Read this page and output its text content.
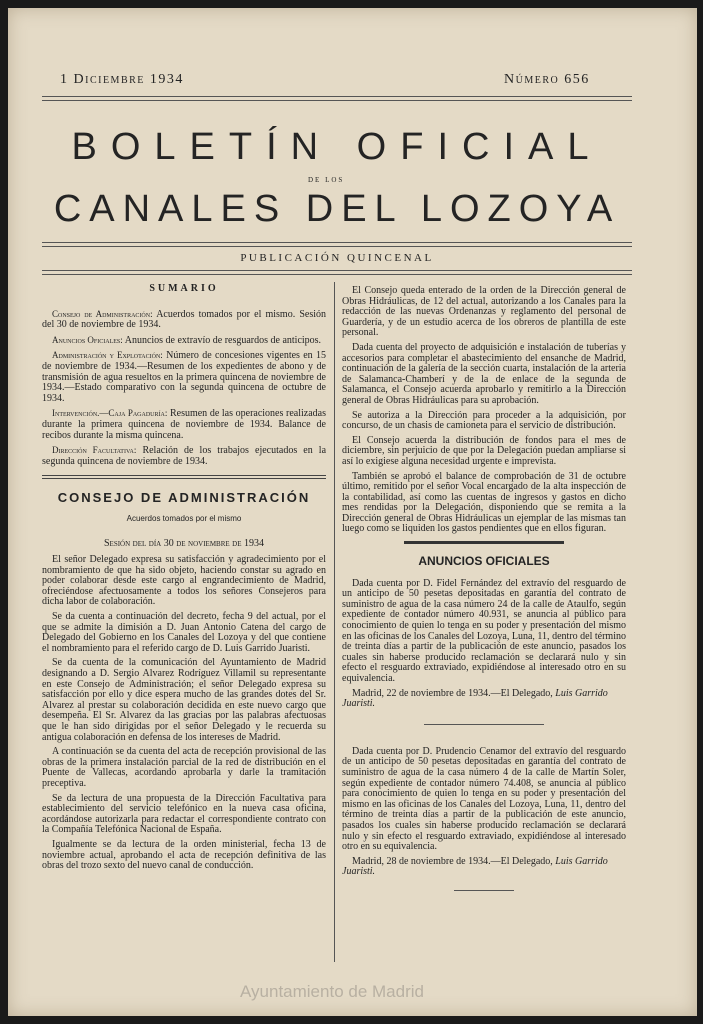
1 Diciembre 1934	Número 656
BOLETÍN OFICIAL
DE LOS
CANALES DEL LOZOYA
PUBLICACIÓN QUINCENAL
SUMARIO

Consejo de Administración: Acuerdos tomados por el mismo. Sesión del 30 de noviembre de 1934.

Anuncios Oficiales: Anuncios de extravío de resguardos de anticipos.

Administración y Explotación: Número de concesiones vigentes en 15 de noviembre de 1934.—Resumen de los expedientes de abono y de transmisión de agua resueltos en la primera quincena de noviembre de 1934.—Estado comparativo con la segunda quincena de octubre de 1934.

Intervención.—Caja Pagaduría: Resumen de las operaciones realizadas durante la primera quincena de noviembre de 1934. Balance de recibos durante la misma quincena.

Dirección Facultativa: Relación de los trabajos ejecutados en la segunda quincena de noviembre de 1934.

CONSEJO DE ADMINISTRACIÓN
Acuerdos tomados por el mismo
Sesión del día 30 de noviembre de 1934

El señor Delegado expresa su satisfacción y agradecimiento por el nombramiento de que ha sido objeto, haciendo constar su agrado en poder colaborar desde este cargo al engrandecimiento de Madrid, ofreciéndose afectuosamente a todos los señores Consejeros para dicha labor de colaboración.

Se da cuenta a continuación del decreto, fecha 9 del actual, por el que se admite la dimisión a D. Juan Antonio Catena del cargo de Delegado del Gobierno en los Canales del Lozoya y del que contiene el nombramiento para el referido cargo de D. Luis Garrido Juaristi.

Se da cuenta de la comunicación del Ayuntamiento de Madrid designando a D. Sergio Alvarez Rodríguez Villamil su representante en este Consejo de Administración; el señor Delegado expresa su satisfacción por ello y dice espera mucho de las grandes dotes del Sr. Alvarez al prestar su colaboración decidida en este nuevo cargo que desempeña. El Sr. Alvarez da las gracias por las palabras afectuosas que le han sido dirigidas por el señor Delegado y le recuerda su antigua colaboración en defensa de los intereses de Madrid.

A continuación se da cuenta del acta de recepción provisional de las obras de la primera instalación parcial de la red de distribución en el Puente de Vallecas, acordando aprobarla y darle la tramitación preceptiva.

Se da lectura de una propuesta de la Dirección Facultativa para establecimiento del servicio telefónico en la nueva casa oficina, acordándose autorizarla para redactar el correspondiente contrato con la Compañía Telefónica Nacional de España.

Igualmente se da lectura de la orden ministerial, fecha 13 de noviembre actual, aprobando el acta de recepción definitiva de las obras del trozo sexto del nuevo canal de conducción.

El Consejo queda enterado de la orden de la Dirección general de Obras Hidráulicas, de 12 del actual, autorizando a los Canales para la redacción de las nuevas Ordenanzas y reglamento del personal de Guardería, y de un estudio acerca de los obreros de plantilla de este personal.

Dada cuenta del proyecto de adquisición e instalación de tuberías y accesorios para completar el abastecimiento del ensanche de Madrid, continuación de la galería de la sección cuarta, instalación de la arteria de Salamanca-Chamberí y de la de enlace de la segunda de Salamanca, el Consejo acuerda aprobarlo y remitirlo a la Dirección general de Obras Hidráulicas para su aprobación.

Se autoriza a la Dirección para proceder a la adquisición, por concurso, de un chasis de camioneta para el servicio de distribución.

El Consejo acuerda la distribución de fondos para el mes de diciembre, sin perjuicio de que por la Delegación puedan ampliarse si así lo exigiese alguna necesidad urgente e imprevista.

También se aprobó el balance de comprobación de 31 de octubre último, remitido por el señor Vocal encargado de la alta inspección de la contabilidad, así como las cuentas de ingresos y gastos en dicho mes rendidas por la Delegación, disponiendo que se remita a la Dirección general de Obras Hidráulicas un ejemplar de las mismas tan luego como se liquiden los gastos pendientes que en ellos figuran.

ANUNCIOS OFICIALES

Dada cuenta por D. Fidel Fernández del extravío del resguardo de un anticipo de 50 pesetas depositadas en garantía del contrato de suministro de agua de la casa número 24 de la calle de Ataulfo, según expediente de contador número 40.931, se anuncia al público para conocimiento de quien lo tenga en su poder y presentación del mismo en las oficinas de los Canales del Lozoya, Luna, 11, dentro del término de treinta días a partir de la publicación de este anuncio, pasados los cuales sin haberse producido reclamación se declarará nulo y sin efecto el resguardo extraviado, expidiéndose al interesado otro en su equivalencia.

Madrid, 22 de noviembre de 1934.—El Delegado, Luis Garrido Juaristi.

Dada cuenta por D. Prudencio Cenamor del extravío del resguardo de un anticipo de 50 pesetas depositadas en garantía del contrato de suministro de agua de la casa número 4 de la calle de Martín Soler, según expediente de contador número 74.408, se anuncia al público para conocimiento de quien lo tenga en su poder y presentación del mismo en las oficinas de los Canales del Lozoya, Luna, 11, dentro del término de treinta días a partir de la publicación de este anuncio, pasados los cuales sin haberse producido reclamación se declarará nulo y sin efecto el resguardo extraviado, expidiéndose al interesado otro en su equivalencia.

Madrid, 28 de noviembre de 1934.—El Delegado, Luis Garrido Juaristi.

Ayuntamiento de Madrid
